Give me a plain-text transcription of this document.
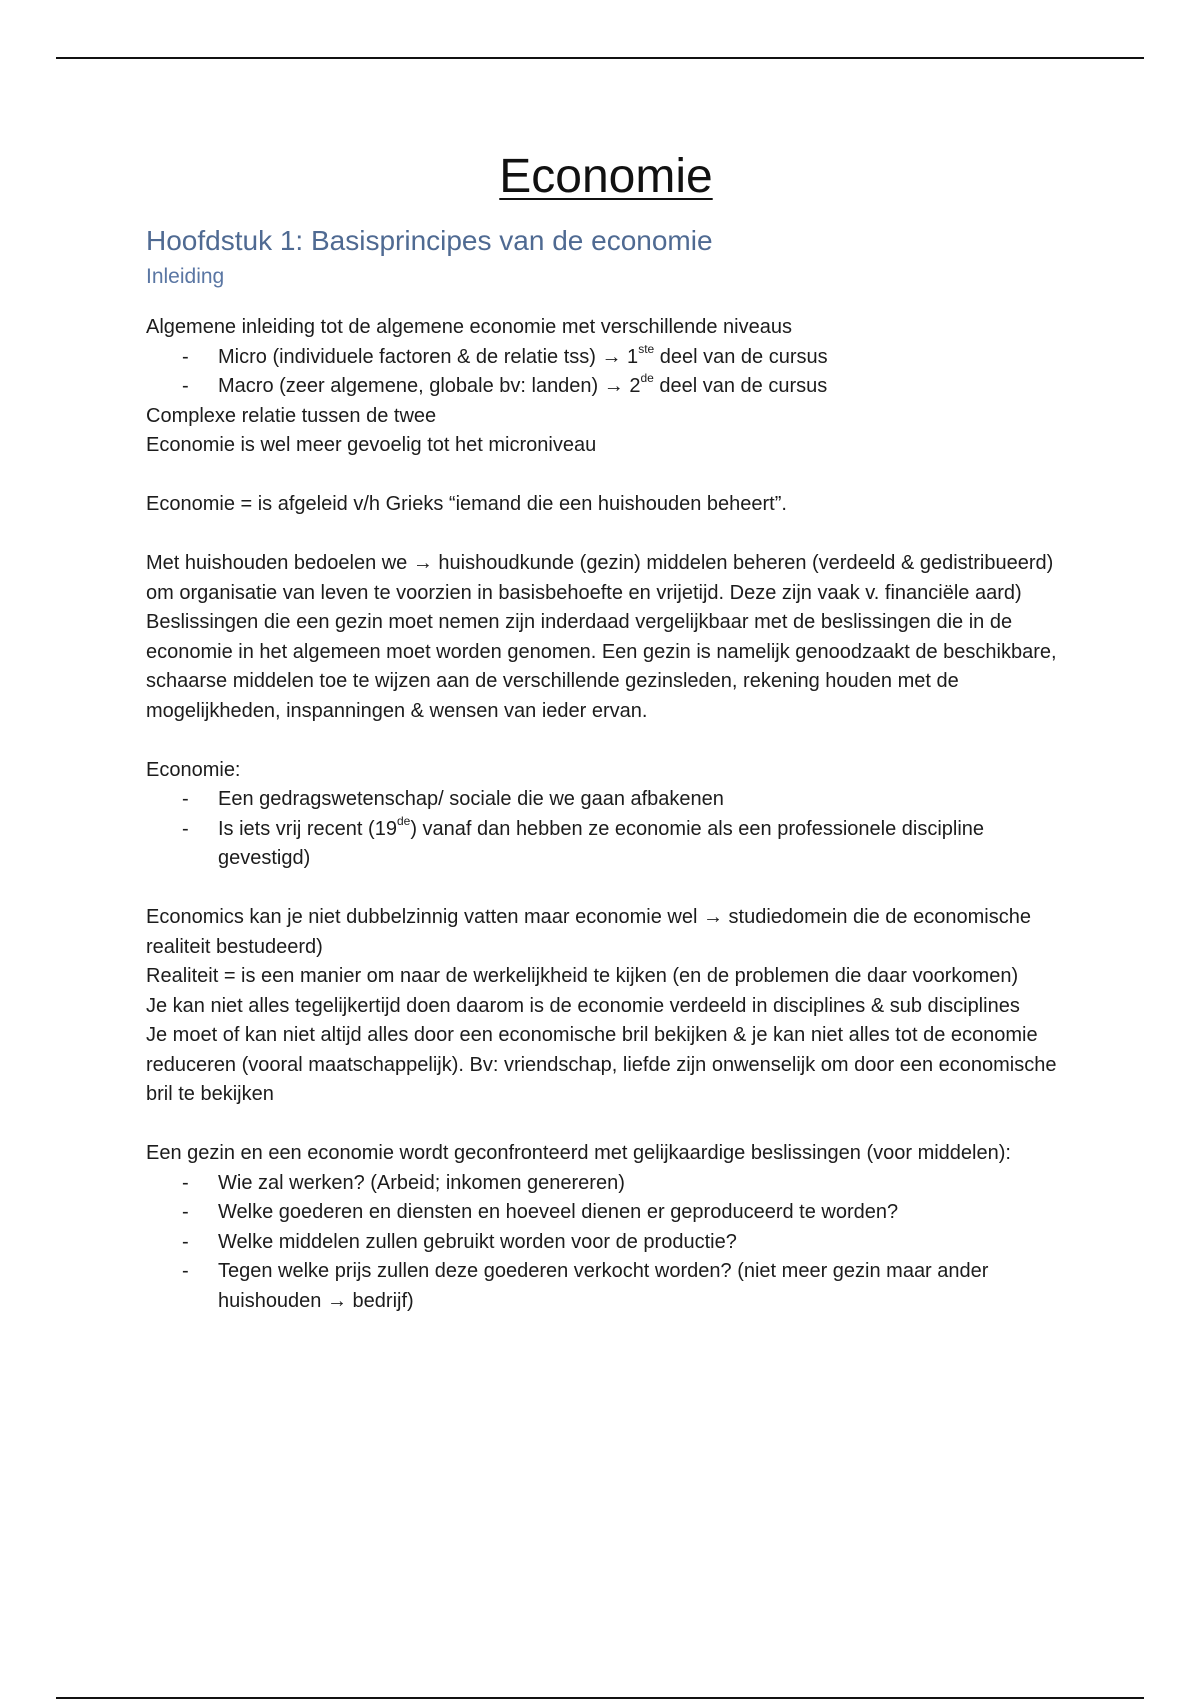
Economie
Hoofdstuk 1: Basisprincipes van de economie
Inleiding

Algemene inleiding tot de algemene economie met verschillende niveaus

- Micro (individuele factoren & de relatie tss) → 1ste deel van de cursus
- Macro (zeer algemene, globale bv: landen) → 2de deel van de cursus

Complexe relatie tussen de twee

Economie is wel meer gevoelig tot het microniveau

Economie = is afgeleid v/h Grieks “iemand die een huishouden beheert”.

Met huishouden bedoelen we → huishoudkunde (gezin) middelen beheren (verdeeld & gedistribueerd) om organisatie van leven te voorzien in basisbehoefte en vrijetijd. Deze zijn vaak v. financiële aard)

Beslissingen die een gezin moet nemen zijn inderdaad vergelijkbaar met de beslissingen die in de economie in het algemeen moet worden genomen. Een gezin is namelijk genoodzaakt de beschikbare, schaarse middelen toe te wijzen aan de verschillende gezinsleden, rekening houden met de mogelijkheden, inspanningen & wensen van ieder ervan.

Economie:

- Een gedragswetenschap/ sociale die we gaan afbakenen
- Is iets vrij recent (19de) vanaf dan hebben ze economie als een professionele discipline gevestigd)

Economics kan je niet dubbelzinnig vatten maar economie wel → studiedomein die de economische realiteit bestudeerd)

Realiteit = is een manier om naar de werkelijkheid te kijken (en de problemen die daar voorkomen)

Je kan niet alles tegelijkertijd doen daarom is de economie verdeeld in disciplines & sub disciplines

Je moet of kan niet altijd alles door een economische bril bekijken & je kan niet alles tot de economie reduceren (vooral maatschappelijk). Bv: vriendschap, liefde zijn onwenselijk om door een economische bril te bekijken

Een gezin en een economie wordt geconfronteerd met gelijkaardige beslissingen (voor middelen):

- Wie zal werken? (Arbeid; inkomen genereren)
- Welke goederen en diensten en hoeveel dienen er geproduceerd te worden?
- Welke middelen zullen gebruikt worden voor de productie?
- Tegen welke prijs zullen deze goederen verkocht worden? (niet meer gezin maar ander huishouden → bedrijf)
